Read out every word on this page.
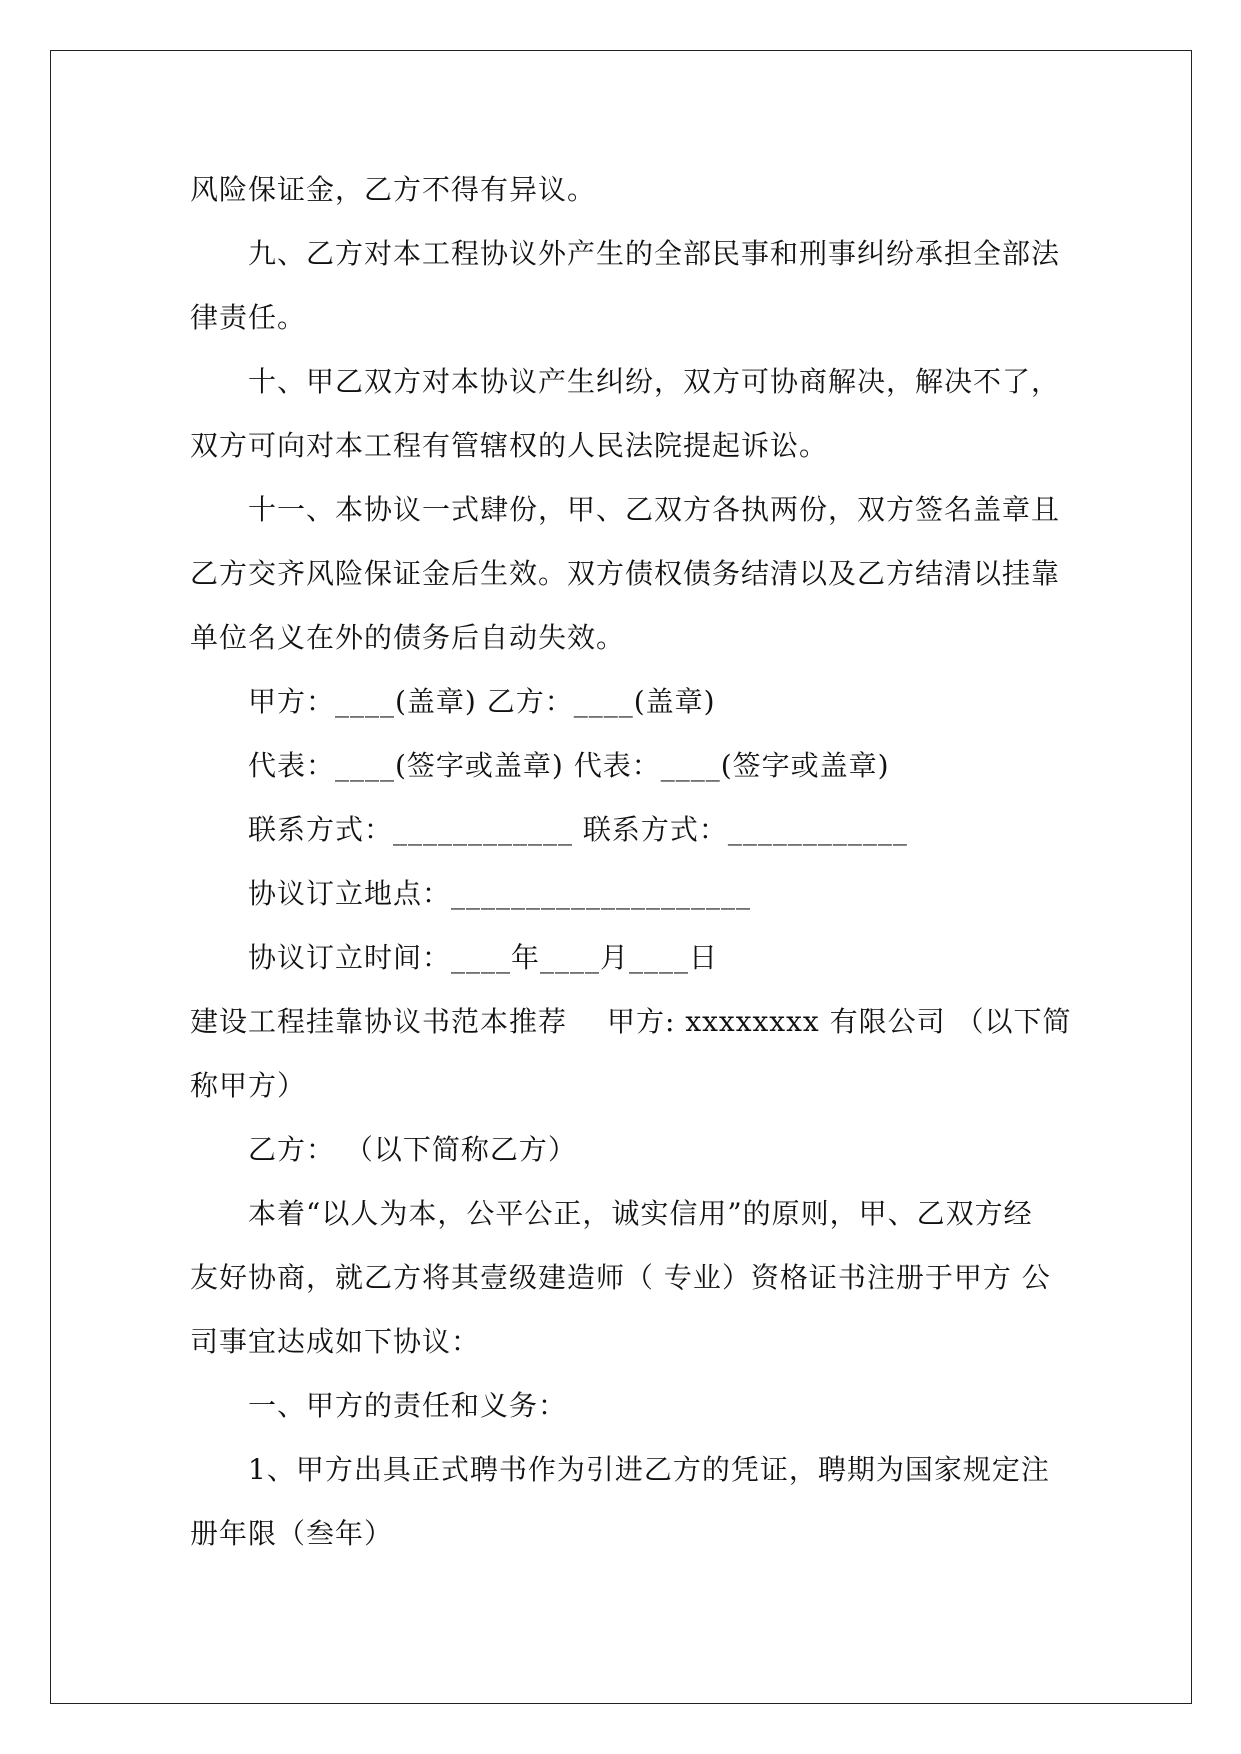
风险保证金，乙方不得有异议。
九、乙方对本工程协议外产生的全部民事和刑事纠纷承担全部法
律责任。
十、甲乙双方对本协议产生纠纷，双方可协商解决，解决不了，
双方可向对本工程有管辖权的人民法院提起诉讼。
十一、本协议一式肆份，甲、乙双方各执两份，双方签名盖章且
乙方交齐风险保证金后生效。双方债权债务结清以及乙方结清以挂靠
单位名义在外的债务后自动失效。
甲方：____(盖章) 乙方：____(盖章)
代表：____(签字或盖章) 代表：____(签字或盖章)
联系方式：____________ 联系方式：____________
协议订立地点：____________________
协议订立时间：____年____月____日
建设工程挂靠协议书范本推荐 甲方: xxxxxxxx 有限公司 （以下简
称甲方）
乙方： （以下简称乙方）
本着“以人为本，公平公正，诚实信用”的原则，甲、乙双方经
友好协商，就乙方将其壹级建造师（ 专业）资格证书注册于甲方 公
司事宜达成如下协议：
一、甲方的责任和义务：
1、甲方出具正式聘书作为引进乙方的凭证，聘期为国家规定注
册年限（叁年）
